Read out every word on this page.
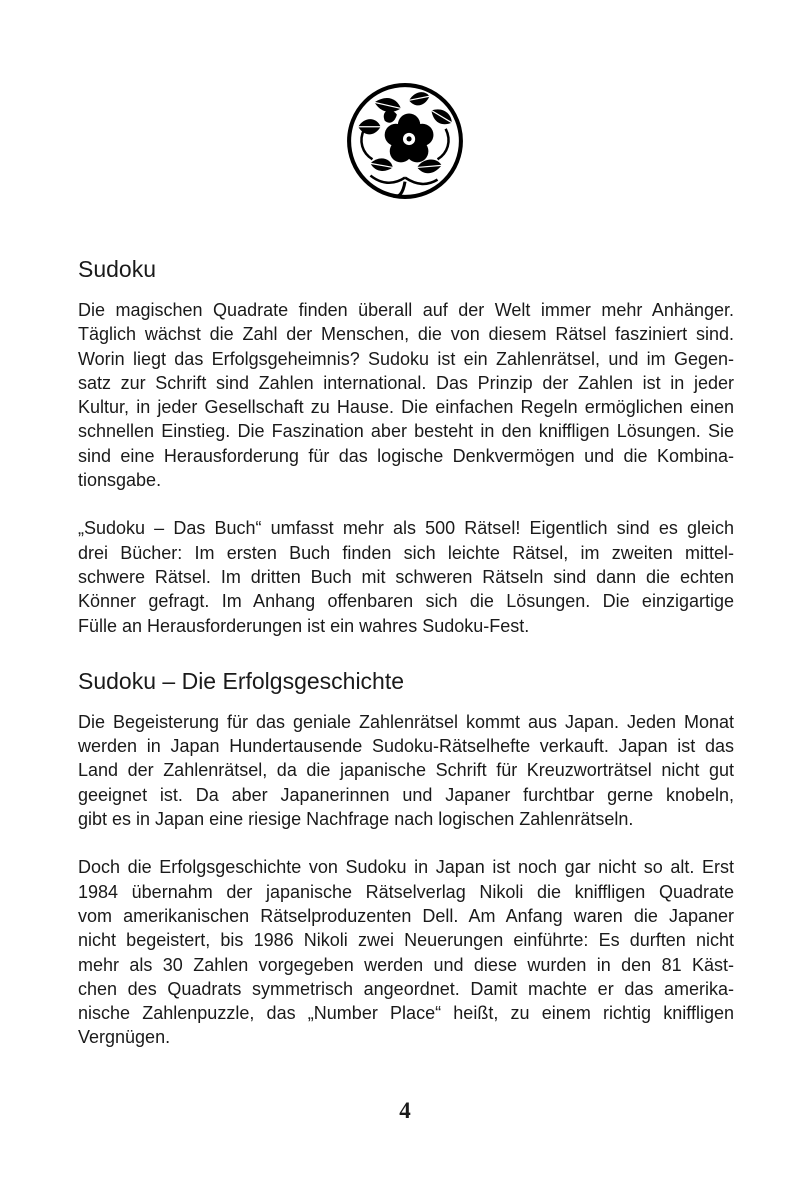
Sudoku
Die magischen Quadrate finden überall auf der Welt immer mehr Anhänger.
Täglich wächst die Zahl der Menschen, die von diesem Rätsel fasziniert sind.
Worin liegt das Erfolgsgeheimnis? Sudoku ist ein Zahlenrätsel, und im Gegen-
satz zur Schrift sind Zahlen international. Das Prinzip der Zahlen ist in jeder
Kultur, in jeder Gesellschaft zu Hause. Die einfachen Regeln ermöglichen einen
schnellen Einstieg. Die Faszination aber besteht in den kniffligen Lösungen. Sie
sind eine Herausforderung für das logische Denkvermögen und die Kombina-
tionsgabe.
„Sudoku – Das Buch“ umfasst mehr als 500 Rätsel! Eigentlich sind es gleich
drei Bücher: Im ersten Buch finden sich leichte Rätsel, im zweiten mittel-
schwere Rätsel. Im dritten Buch mit schweren Rätseln sind dann die echten
Könner gefragt. Im Anhang offenbaren sich die Lösungen. Die einzigartige
Fülle an Herausforderungen ist ein wahres Sudoku-Fest.
Sudoku – Die Erfolgsgeschichte
Die Begeisterung für das geniale Zahlenrätsel kommt aus Japan. Jeden Monat
werden in Japan Hundertausende Sudoku-Rätselhefte verkauft. Japan ist das
Land der Zahlenrätsel, da die japanische Schrift für Kreuzworträtsel nicht gut
geeignet ist. Da aber Japanerinnen und Japaner furchtbar gerne knobeln,
gibt es in Japan eine riesige Nachfrage nach logischen Zahlenrätseln.
Doch die Erfolgsgeschichte von Sudoku in Japan ist noch gar nicht so alt. Erst
1984 übernahm der japanische Rätselverlag Nikoli die kniffligen Quadrate
vom amerikanischen Rätselproduzenten Dell. Am Anfang waren die Japaner
nicht begeistert, bis 1986 Nikoli zwei Neuerungen einführte: Es durften nicht
mehr als 30 Zahlen vorgegeben werden und diese wurden in den 81 Käst-
chen des Quadrats symmetrisch angeordnet. Damit machte er das amerika-
nische Zahlenpuzzle, das „Number Place“ heißt, zu einem richtig kniffligen
Vergnügen.
4
